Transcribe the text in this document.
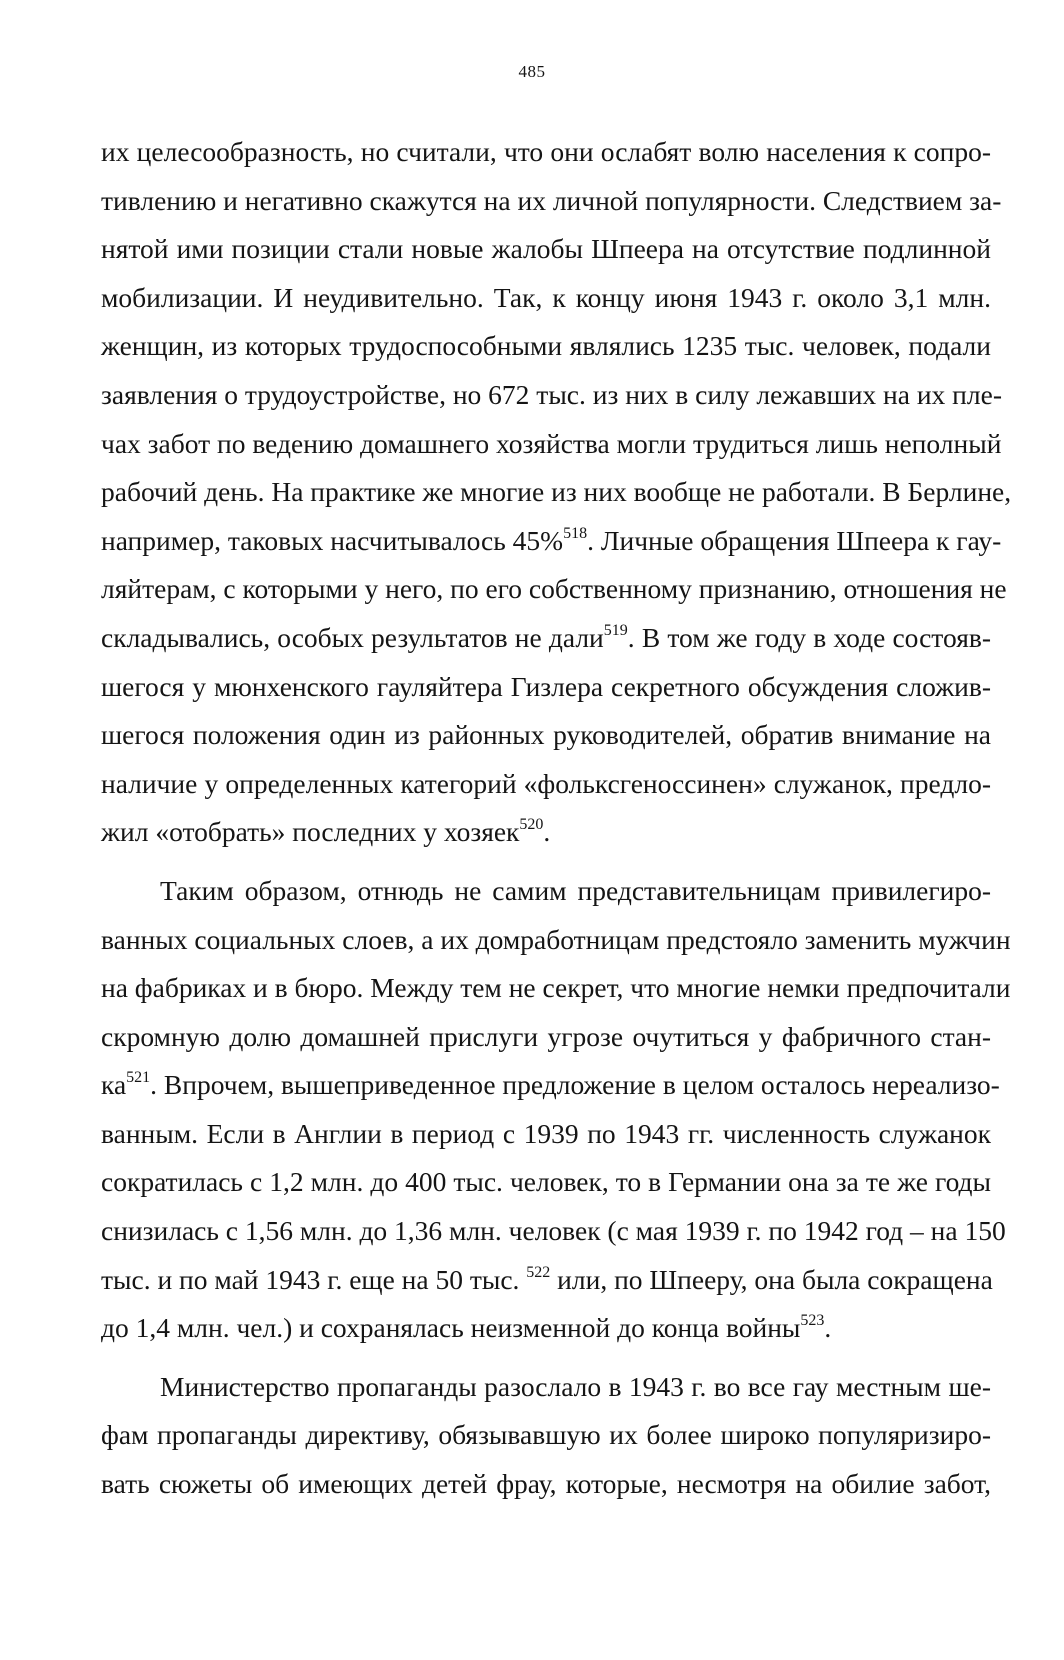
485
их целесообразность, но считали, что они ослабят волю населения к сопро-
тивлению и негативно скажутся на их личной популярности. Следствием за-
нятой ими позиции стали новые жалобы Шпеера на отсутствие подлинной
мобилизации. И неудивительно. Так, к концу июня 1943 г. около 3,1 млн.
женщин, из которых трудоспособными являлись 1235 тыс. человек, подали
заявления о трудоустройстве, но 672 тыс. из них в силу лежавших на их пле-
чах забот по ведению домашнего хозяйства могли трудиться лишь неполный
рабочий день. На практике же многие из них вообще не работали. В Берлине,
например, таковых насчитывалось 45%$^{518}$. Личные обращения Шпеера к гау-
ляйтерам, с которыми у него, по его собственному признанию, отношения не
складывались, особых результатов не дали$^{519}$. В том же году в ходе состояв-
шегося у мюнхенского гауляйтера Гизлера секретного обсуждения сложив-
шегося положения один из районных руководителей, обратив внимание на
наличие у определенных категорий «фольксгеноссинен» служанок, предло-
жил «отобрать» последних у хозяек$^{520}$.
Таким образом, отнюдь не самим представительницам привилегиро-
ванных социальных слоев, а их домработницам предстояло заменить мужчин
на фабриках и в бюро. Между тем не секрет, что многие немки предпочитали
скромную долю домашней прислуги угрозе очутиться у фабричного стан-
$ка^{521}$. Впрочем, вышеприведенное предложение в целом осталось нереализо-
ванным. Если в Англии в период с 1939 по 1943 гг. численность служанок
сократилась с 1,2 млн. до 400 тыс. человек, то в Германии она за те же годы
снизилась с 1,56 млн. до 1,36 млн. человек (с мая 1939 г. по 1942 год – на 150
тыс. и по май 1943 г. еще на 50 тыс. $^{522}$ или, по Шпееру, она была сокращена
до 1,4 млн. чел.) и сохранялась неизменной до конца войны$^{523}$.
Министерство пропаганды разослало в 1943 г. во все гау местным ше-
фам пропаганды директиву, обязывавшую их более широко популяризиро-
вать сюжеты об имеющих детей фрау, которые, несмотря на обилие забот,
